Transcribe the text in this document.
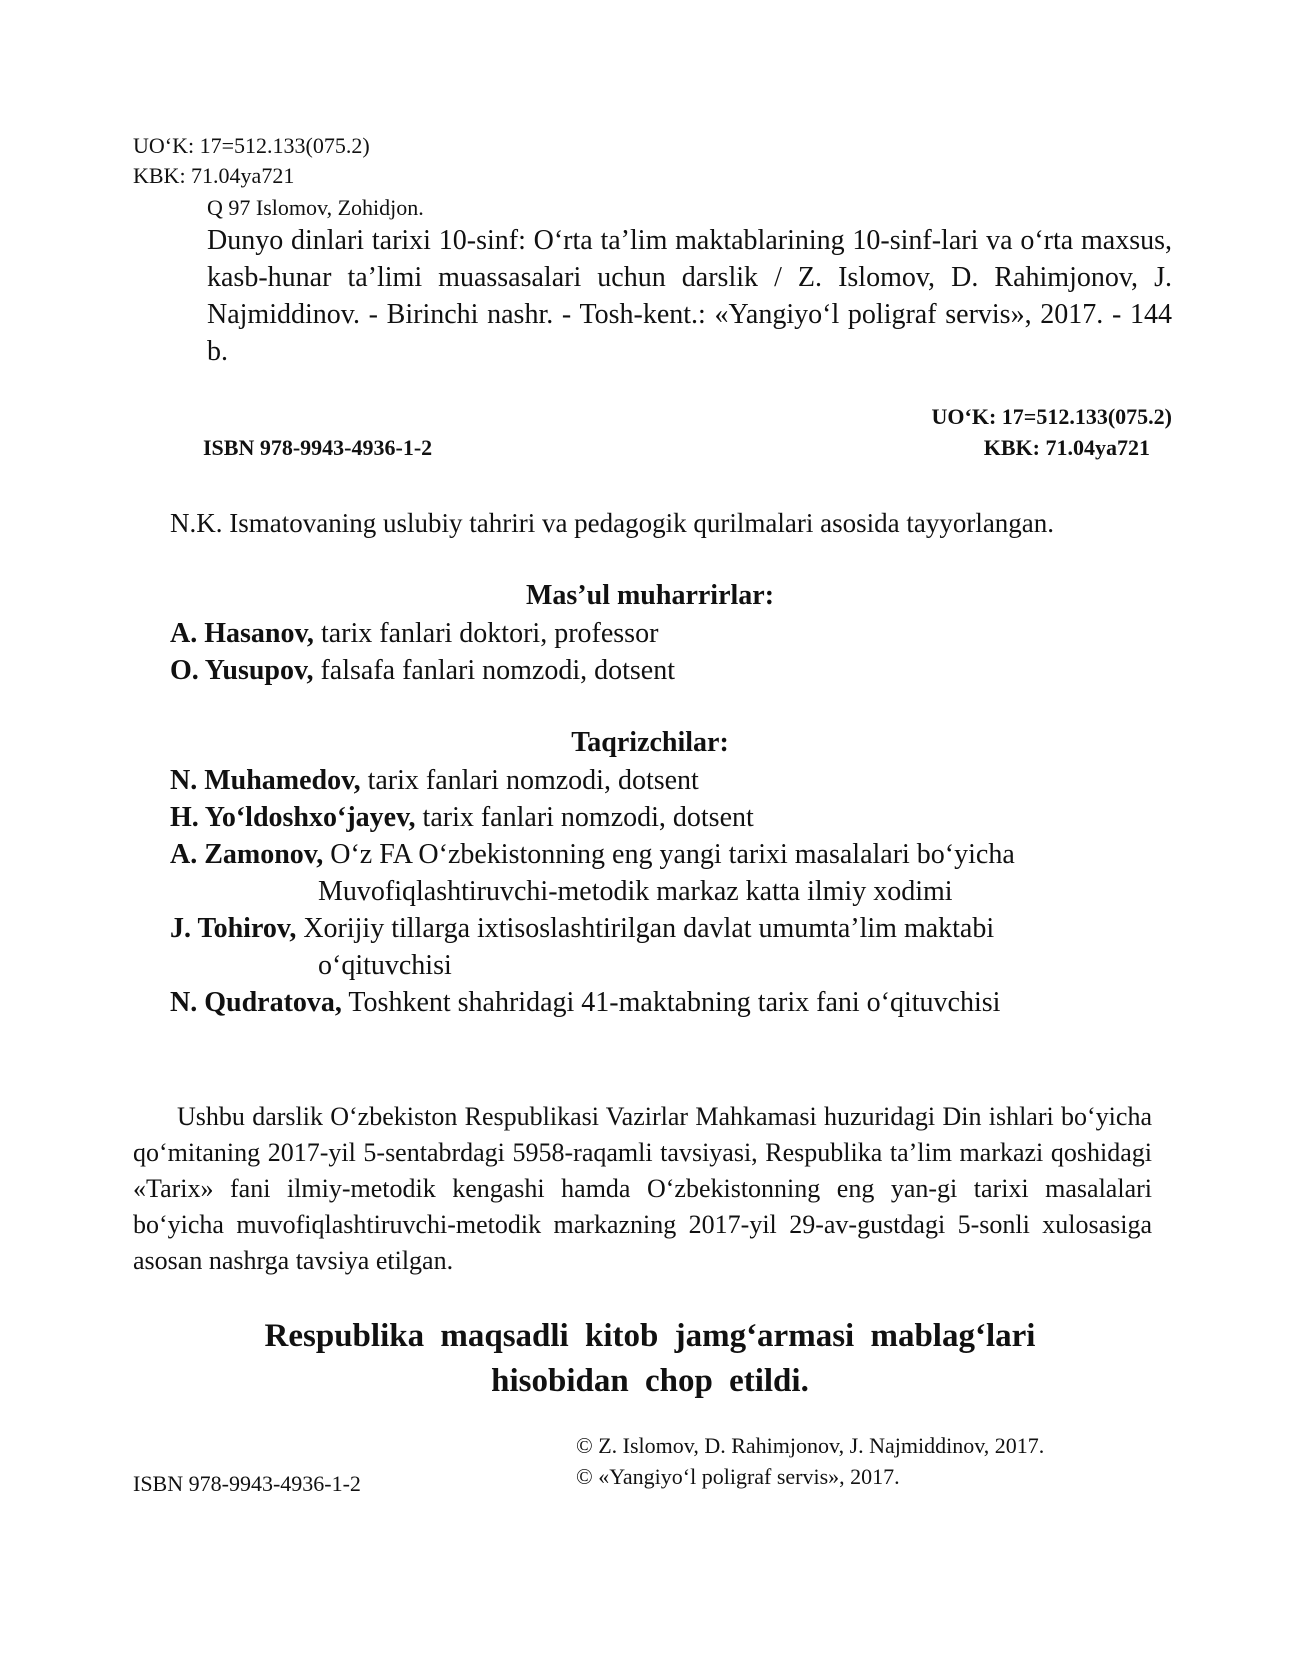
UO‘K: 17=512.133(075.2)
KBK: 71.04ya721
Q 97 Islomov, Zohidjon.
Dunyo dinlari tarixi 10-sinf: O‘rta ta’lim maktablarining 10-sinf-lari va o‘rta maxsus, kasb-hunar ta’limi muassasalari uchun darslik / Z. Islomov, D. Rahimjonov, J. Najmiddinov. - Birinchi nashr. - Tosh-kent.: «Yangiyo‘l poligraf servis», 2017. - 144 b.
UO‘K: 17=512.133(075.2)
ISBN 978-9943-4936-1-2	KBK: 71.04ya721
N.K. Ismatovaning uslubiy tahriri va pedagogik qurilmalari asosida tayyorlangan.
Mas’ul muharrirlar:
A. Hasanov, tarix fanlari doktori, professor
O. Yusupov, falsafa fanlari nomzodi, dotsent
Taqrizchilar:
N. Muhamedov, tarix fanlari nomzodi, dotsent
H. Yo‘ldoshxo‘jayev, tarix fanlari nomzodi, dotsent
A. Zamonov, O‘z FA O‘zbekistonning eng yangi tarixi masalalari bo‘yicha
Muvofiqlashtiruvchi-metodik markaz katta ilmiy xodimi
J. Tohirov, Xorijiy tillarga ixtisoslashtirilgan davlat umumta’lim maktabi
o‘qituvchisi
N. Qudratova, Toshkent shahridagi 41-maktabning tarix fani o‘qituvchisi
Ushbu darslik O‘zbekiston Respublikasi Vazirlar Mahkamasi huzuridagi Din ishlari bo‘yicha qo‘mitaning 2017-yil 5-sentabrdagi 5958-raqamli tavsiyasi, Respublika ta’lim markazi qoshidagi «Tarix» fani ilmiy-metodik kengashi hamda O‘zbekistonning eng yan-gi tarixi masalalari bo‘yicha muvofiqlashtiruvchi-metodik markazning 2017-yil 29-av-gustdagi 5-sonli xulosasiga asosan nashrga tavsiya etilgan.
Respublika maqsadli kitob jamg‘armasi mablag‘lari
hisobidan chop etildi.
© Z. Islomov, D. Rahimjonov, J. Najmiddinov, 2017.
© «Yangiyo‘l poligraf servis», 2017.
ISBN 978-9943-4936-1-2
